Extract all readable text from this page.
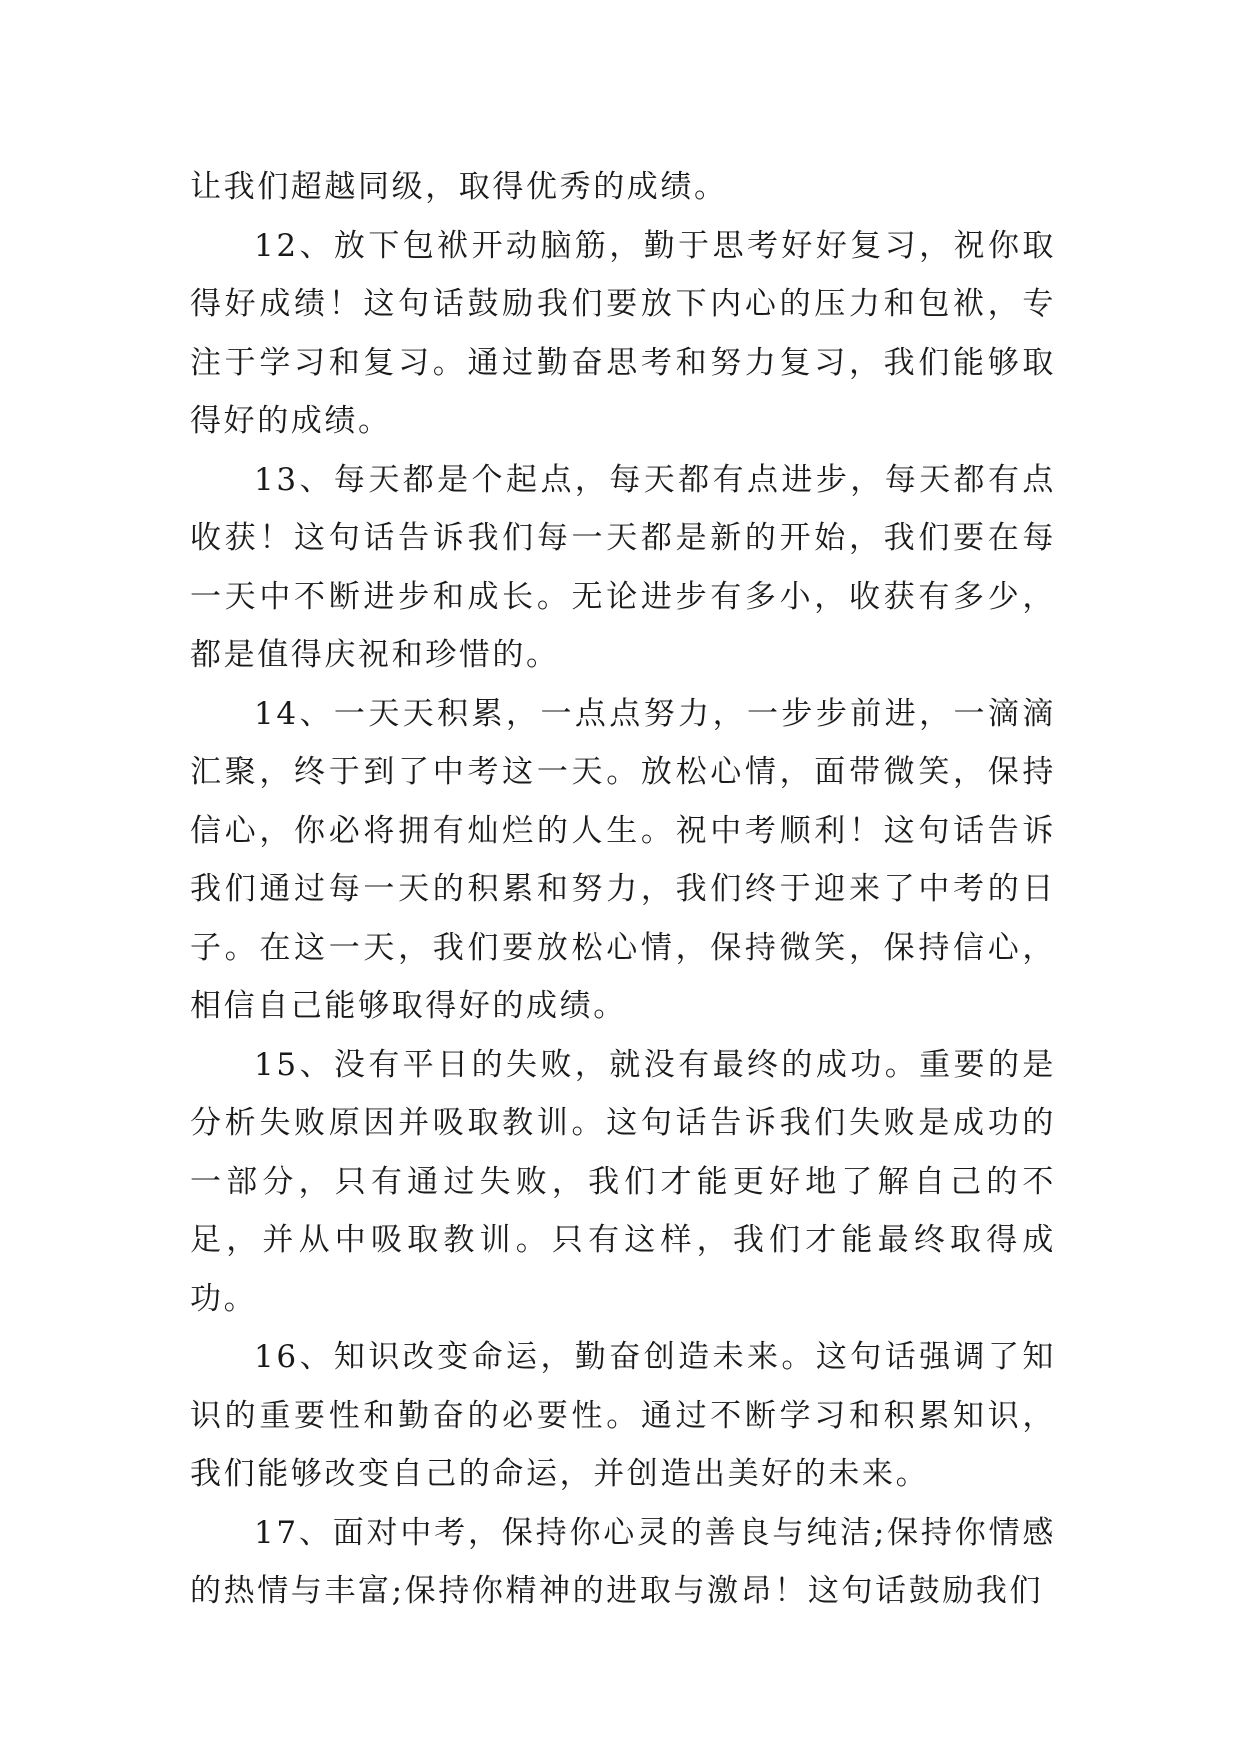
让我们超越同级，取得优秀的成绩。

12、放下包袱开动脑筋，勤于思考好好复习，祝你取得好成绩！这句话鼓励我们要放下内心的压力和包袱，专注于学习和复习。通过勤奋思考和努力复习，我们能够取得好的成绩。

13、每天都是个起点，每天都有点进步，每天都有点收获！这句话告诉我们每一天都是新的开始，我们要在每一天中不断进步和成长。无论进步有多小，收获有多少，都是值得庆祝和珍惜的。

14、一天天积累，一点点努力，一步步前进，一滴滴汇聚，终于到了中考这一天。放松心情，面带微笑，保持信心，你必将拥有灿烂的人生。祝中考顺利！这句话告诉我们通过每一天的积累和努力，我们终于迎来了中考的日子。在这一天，我们要放松心情，保持微笑，保持信心，相信自己能够取得好的成绩。

15、没有平日的失败，就没有最终的成功。重要的是分析失败原因并吸取教训。这句话告诉我们失败是成功的一部分，只有通过失败，我们才能更好地了解自己的不足，并从中吸取教训。只有这样，我们才能最终取得成功。

16、知识改变命运，勤奋创造未来。这句话强调了知识的重要性和勤奋的必要性。通过不断学习和积累知识，我们能够改变自己的命运，并创造出美好的未来。

17、面对中考，保持你心灵的善良与纯洁;保持你情感的热情与丰富;保持你精神的进取与激昂！这句话鼓励我们
